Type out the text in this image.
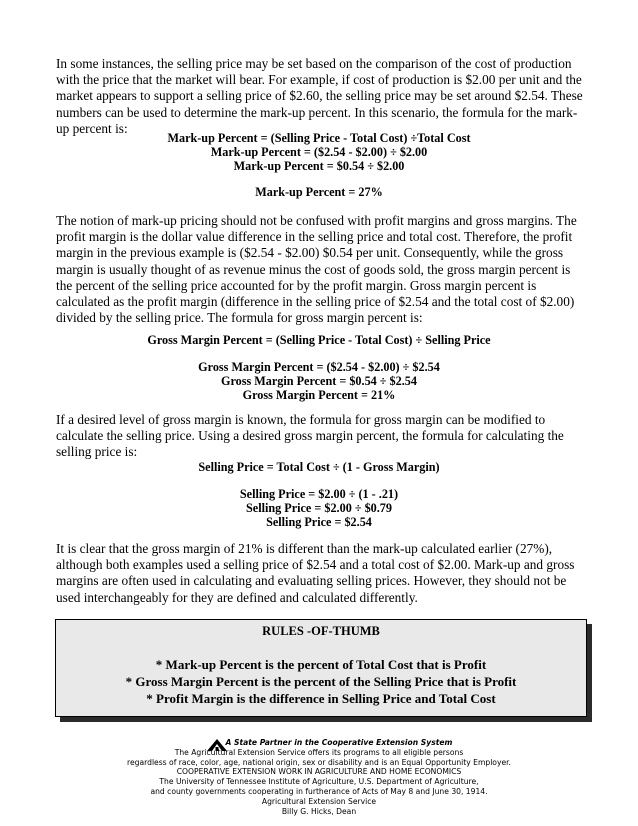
In some instances, the selling price may be set based on the comparison of the cost of production with the price that the market will bear. For example, if cost of production is $2.00 per unit and the market appears to support a selling price of $2.60, the selling price may be set around $2.54. These numbers can be used to determine the mark-up percent. In this scenario, the formula for the mark-up percent is:

Mark-up Percent = (Selling Price - Total Cost) ÷Total Cost
Mark-up Percent = ($2.54 - $2.00) ÷ $2.00
Mark-up Percent = $0.54 ÷ $2.00
Mark-up Percent = 27%

The notion of mark-up pricing should not be confused with profit margins and gross margins. The profit margin is the dollar value difference in the selling price and total cost. Therefore, the profit margin in the previous example is ($2.54 - $2.00) $0.54 per unit. Consequently, while the gross margin is usually thought of as revenue minus the cost of goods sold, the gross margin percent is the percent of the selling price accounted for by the profit margin. Gross margin percent is calculated as the profit margin (difference in the selling price of $2.54 and the total cost of $2.00) divided by the selling price. The formula for gross margin percent is:

Gross Margin Percent = (Selling Price - Total Cost) ÷ Selling Price
Gross Margin Percent = ($2.54 - $2.00) ÷ $2.54
Gross Margin Percent = $0.54 ÷ $2.54
Gross Margin Percent = 21%

If a desired level of gross margin is known, the formula for gross margin can be modified to calculate the selling price. Using a desired gross margin percent, the formula for calculating the selling price is:

Selling Price = Total Cost ÷ (1 - Gross Margin)
Selling Price = $2.00 ÷ (1 - .21)
Selling Price = $2.00 ÷ $0.79
Selling Price = $2.54

It is clear that the gross margin of 21% is different than the mark-up calculated earlier (27%), although both examples used a selling price of $2.54 and a total cost of $2.00. Mark-up and gross margins are often used in calculating and evaluating selling prices. However, they should not be used interchangeably for they are defined and calculated differently.

RULES -OF-THUMB
* Mark-up Percent is the percent of Total Cost that is Profit
* Gross Margin Percent is the percent of the Selling Price that is Profit
* Profit Margin is the difference in Selling Price and Total Cost
A State Partner in the Cooperative Extension System
The Agricultural Extension Service offers its programs to all eligible persons
regardless of race, color, age, national origin, sex or disability and is an Equal Opportunity Employer.
COOPERATIVE EXTENSION WORK IN AGRICULTURE AND HOME ECONOMICS
The University of Tennessee Institute of Agriculture, U.S. Department of Agriculture,
and county governments cooperating in furtherance of Acts of May 8 and June 30, 1914.
Agricultural Extension Service
Billy G. Hicks, Dean
